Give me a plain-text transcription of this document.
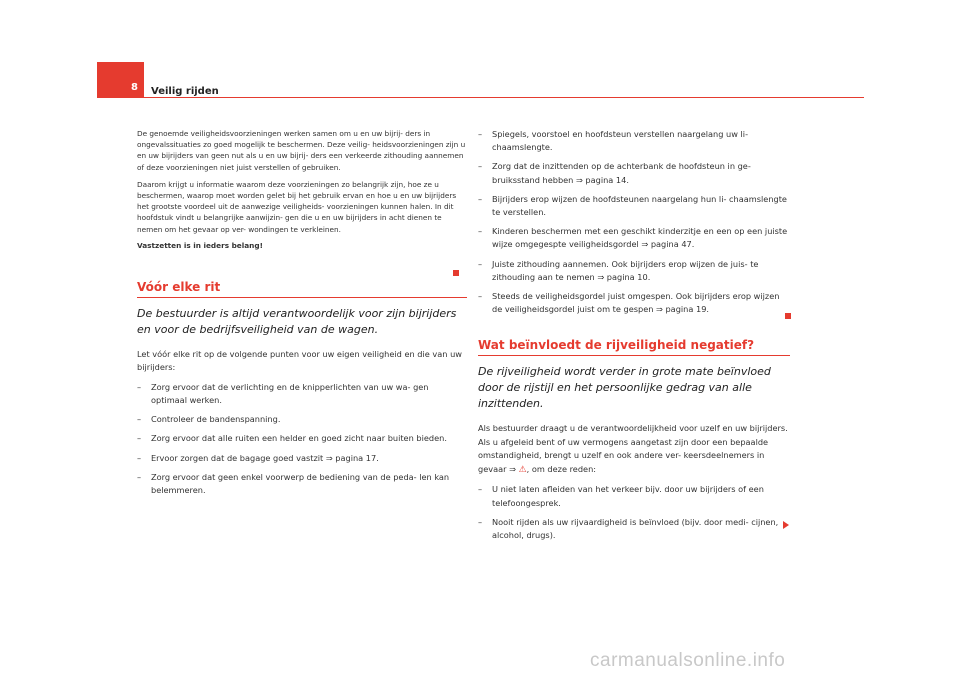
8 Veilig rijden

De genoemde veiligheidsvoorzieningen werken samen om u en uw bijrij- ders in ongevalssituaties zo goed mogelijk te beschermen. Deze veilig- heidsvoorzieningen zijn u en uw bijrijders van geen nut als u en uw bijrij- ders een verkeerde zithouding aannemen of deze voorzieningen niet juist verstellen of gebruiken.

Daarom krijgt u informatie waarom deze voorzieningen zo belangrijk zijn, hoe ze u beschermen, waarop moet worden gelet bij het gebruik ervan en hoe u en uw bijrijders het grootste voordeel uit de aanwezige veiligheids- voorzieningen kunnen halen. In dit hoofdstuk vindt u belangrijke aanwijzin- gen die u en uw bijrijders in acht dienen te nemen om het gevaar op ver- wondingen te verkleinen.

Vastzetten is in ieders belang!

Vóór elke rit

De bestuurder is altijd verantwoordelijk voor zijn bijrijders en voor de bedrijfsveiligheid van de wagen.

Let vóór elke rit op de volgende punten voor uw eigen veiligheid en die van uw bijrijders:

– Zorg ervoor dat de verlichting en de knipperlichten van uw wa- gen optimaal werken.
– Controleer de bandenspanning.
– Zorg ervoor dat alle ruiten een helder en goed zicht naar buiten bieden.
– Ervoor zorgen dat de bagage goed vastzit ⇒ pagina 17.
– Zorg ervoor dat geen enkel voorwerp de bediening van de peda- len kan belemmeren.
– Spiegels, voorstoel en hoofdsteun verstellen naargelang uw li- chaamslengte.
– Zorg dat de inzittenden op de achterbank de hoofdsteun in ge- bruiksstand hebben ⇒ pagina 14.
– Bijrijders erop wijzen de hoofdsteunen naargelang hun li- chaamslengte te verstellen.
– Kinderen beschermen met een geschikt kinderzitje en een op een juiste wijze omgegespte veiligheidsgordel ⇒ pagina 47.
– Juiste zithouding aannemen. Ook bijrijders erop wijzen de juis- te zithouding aan te nemen ⇒ pagina 10.
– Steeds de veiligheidsgordel juist omgespen. Ook bijrijders erop wijzen de veiligheidsgordel juist om te gespen ⇒ pagina 19.
Wat beïnvloedt de rijveiligheid negatief?

De rijveiligheid wordt verder in grote mate beïnvloed door de rijstijl en het persoonlijke gedrag van alle inzittenden.

Als bestuurder draagt u de verantwoordelijkheid voor uzelf en uw bijrijders. Als u afgeleid bent of uw vermogens aangetast zijn door een bepaalde omstandigheid, brengt u uzelf en ook andere ver- keersdeelnemers in gevaar ⇒ ⚠, om deze reden:

– U niet laten afleiden van het verkeer bijv. door uw bijrijders of een telefoongesprek.
– Nooit rijden als uw rijvaardigheid is beïnvloed (bijv. door medi- cijnen, alcohol, drugs).
carmanualsonline.info
